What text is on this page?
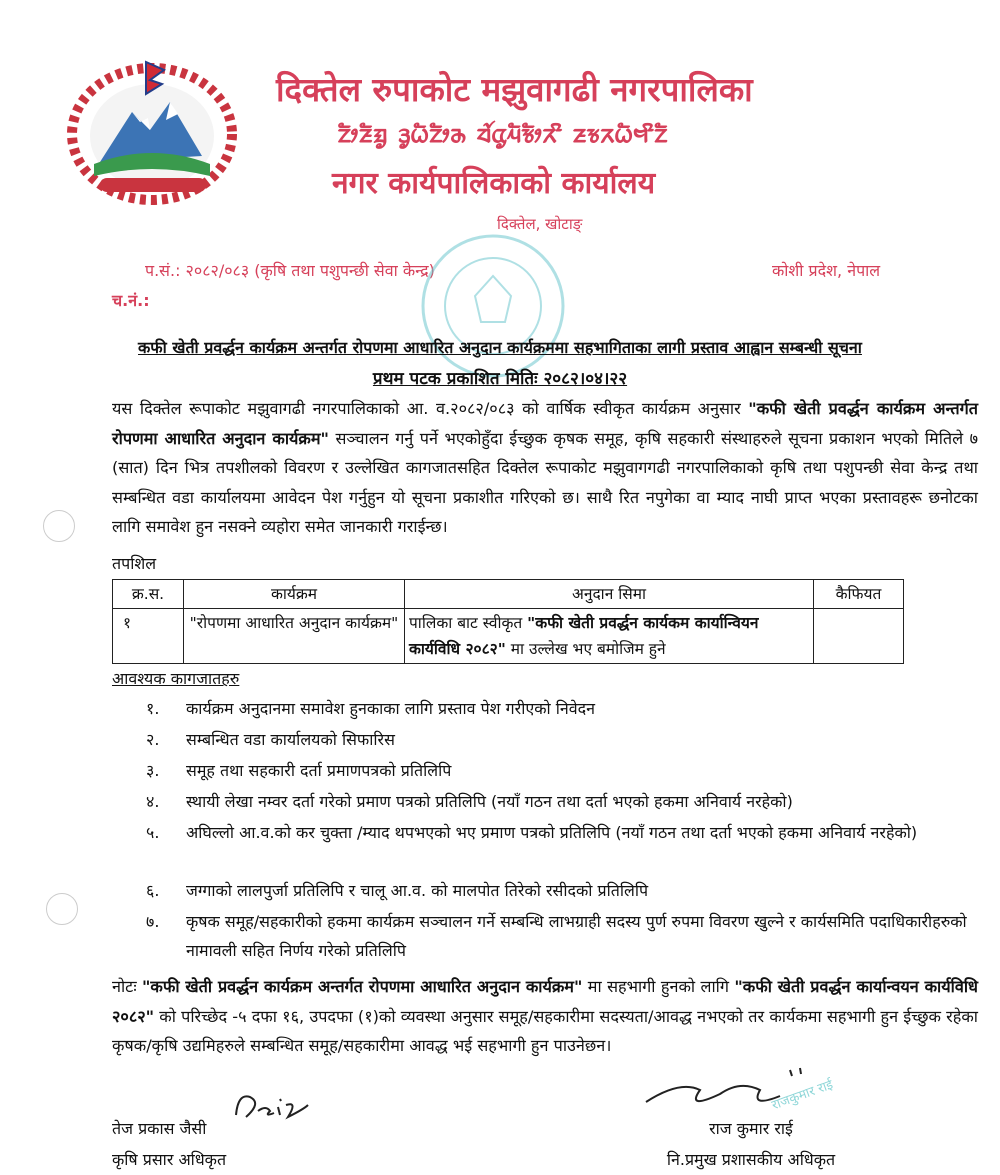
दिक्तेल रुपाकोट मझुवागढी नगरपालिका
ᤁᤥᤏᤠᤀᤢ ᤋᤢᤐᤠᤁᤥᤌ ᤔᤨᤂᤢᤘᤠᤃᤥᤖᤡ ᤏᤃᤖᤐᤠᤗᤡᤁᤠ
नगर कार्यपालिकाको कार्यालय
दिक्तेल, खोटाङ्
प.सं.: २०८२/०८३ (कृषि तथा पशुपन्छी सेवा केन्द्र)	कोशी प्रदेश, नेपाल
च.नं.:
कफी खेती प्रवर्द्धन कार्यक्रम अन्तर्गत रोपणमा आधारित अनुदान कार्यक्रममा सहभागिताका लागी प्रस्ताव आह्वान सम्बन्धी सूचना
प्रथम पटक प्रकाशित मितिः २०८२।०४।२२
यस दिक्तेल रूपाकोट मझुवागढी नगरपालिकाको आ. व.२०८२/०८३ को वार्षिक स्वीकृत कार्यक्रम अनुसार "कफी खेती प्रवर्द्धन कार्यक्रम अन्तर्गत रोपणमा आधारित अनुदान कार्यक्रम" सञ्चालन गर्नु पर्ने भएकोहुँदा ईच्छुक कृषक समूह, कृषि सहकारी संस्थाहरुले सूचना प्रकाशन भएको मितिले ७ (सात) दिन भित्र तपशीलको विवरण र उल्लेखित कागजातसहित दिक्तेल रूपाकोट मझुवागगढी नगरपालिकाको कृषि तथा पशुपन्छी सेवा केन्द्र तथा सम्बन्धित वडा कार्यालयमा आवेदन पेश गर्नुहुन यो सूचना प्रकाशीत गरिएको छ। साथै रित नपुगेका वा म्याद नाघी प्राप्त भएका प्रस्तावहरू छनोटका लागि समावेश हुन नसक्ने व्यहोरा समेत जानकारी गराईन्छ।
तपशिल
क्र.स.	कार्यक्रम	अनुदान सिमा	कैफियत
१	"रोपणमा आधारित अनुदान कार्यक्रम"	पालिका बाट स्वीकृत "कफी खेती प्रवर्द्धन कार्यकम कार्यान्वियन कार्यविधि २०८२" मा उल्लेख भए बमोजिम हुने	
आवश्यक कागजातहरु
१.	कार्यक्रम अनुदानमा समावेश हुनकाका लागि प्रस्ताव पेश गरीएको निवेदन
२.	सम्बन्धित वडा कार्यालयको सिफारिस
३.	समूह तथा सहकारी दर्ता प्रमाणपत्रको प्रतिलिपि
४.	स्थायी लेखा नम्वर दर्ता गरेको प्रमाण पत्रको प्रतिलिपि (नयाँ गठन तथा दर्ता भएको हकमा अनिवार्य नरहेको)
५.	अघिल्लो आ.व.को कर चुक्ता /म्याद थपभएको भए प्रमाण पत्रको प्रतिलिपि (नयाँ गठन तथा दर्ता भएको हकमा अनिवार्य नरहेको)
६.	जग्गाको लालपुर्जा प्रतिलिपि र चालू आ.व. को मालपोत तिरेको रसीदको प्रतिलिपि
७.	कृषक समूह/सहकारीको हकमा कार्यक्रम सञ्चालन गर्ने सम्बन्धि लाभग्राही सदस्य पुर्ण रुपमा विवरण खुल्ने र कार्यसमिति पदाधिकारीहरुको नामावली सहित निर्णय गरेको प्रतिलिपि
नोटः "कफी खेती प्रवर्द्धन कार्यक्रम अन्तर्गत रोपणमा आधारित अनुदान कार्यक्रम" मा सहभागी हुनको लागि "कफी खेती प्रवर्द्धन कार्यान्वयन कार्यविधि २०८२" को परिच्छेद -५ दफा १६, उपदफा (१)को व्यवस्था अनुसार समूह/सहकारीमा सदस्यता/आवद्ध नभएको तर कार्यकमा सहभागी हुन ईच्छुक रहेका कृषक/कृषि उद्यमिहरुले सम्बन्धित समूह/सहकारीमा आवद्ध भई सहभागी हुन पाउनेछन।
राजकुमार राई
तेज प्रकास जैसी
कृषि प्रसार अधिकृत
राज कुमार राई
नि.प्रमुख प्रशासकीय अधिकृत
